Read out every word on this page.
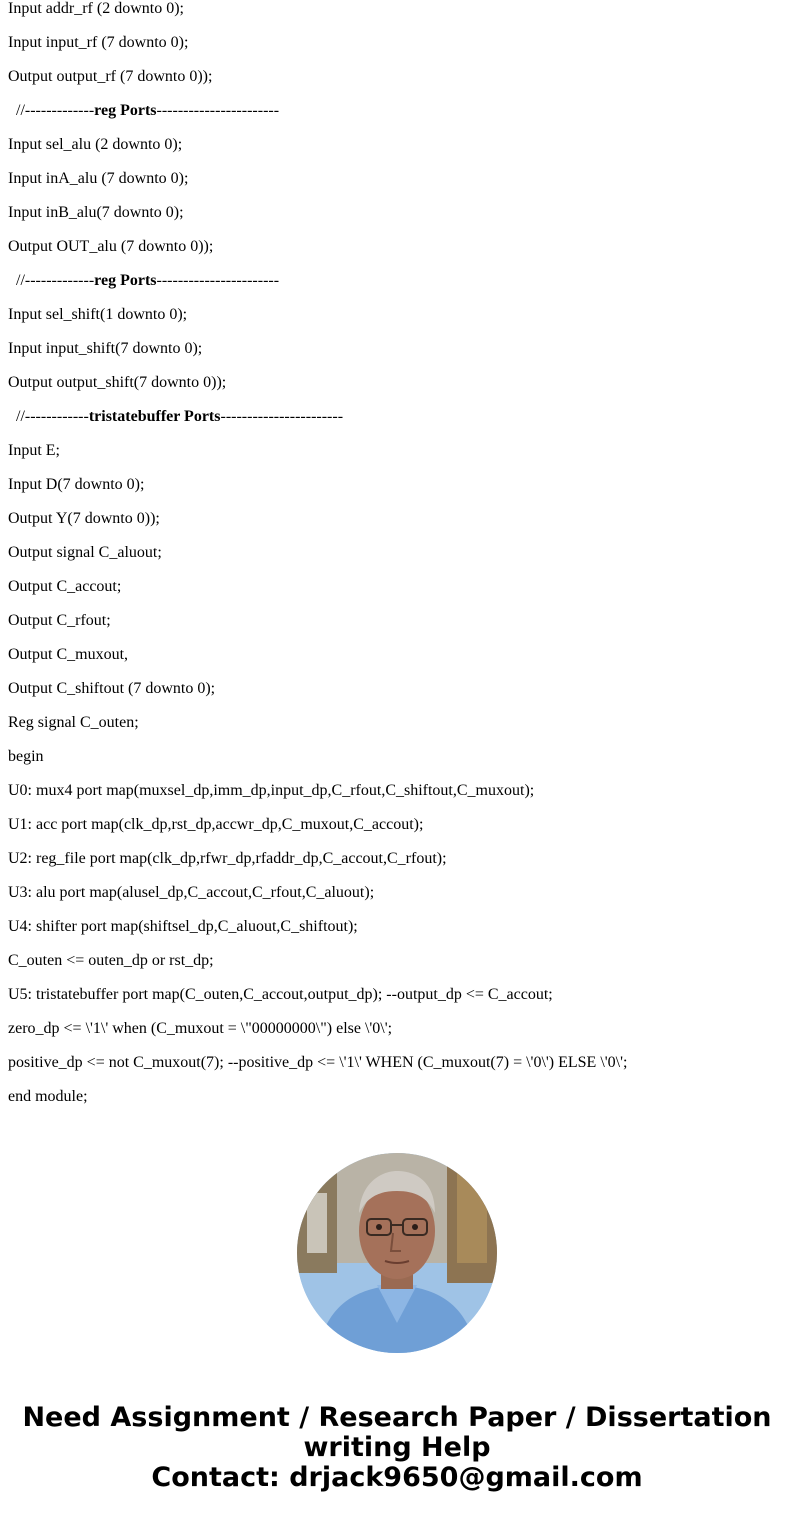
Input addr_rf (2 downto 0);
Input input_rf (7 downto 0);
Output output_rf (7 downto 0));
//-------------reg Ports-----------------------
Input sel_alu (2 downto 0);
Input inA_alu (7 downto 0);
Input inB_alu(7 downto 0);
Output OUT_alu (7 downto 0));
//-------------reg Ports-----------------------
Input sel_shift(1 downto 0);
Input input_shift(7 downto 0);
Output output_shift(7 downto 0));
//------------tristatebuffer Ports-----------------------
Input E;
Input D(7 downto 0);
Output Y(7 downto 0));
Output signal C_aluout;
Output C_accout;
Output C_rfout;
Output C_muxout,
Output C_shiftout (7 downto 0);
Reg signal C_outen;
begin
U0: mux4 port map(muxsel_dp,imm_dp,input_dp,C_rfout,C_shiftout,C_muxout);
U1: acc port map(clk_dp,rst_dp,accwr_dp,C_muxout,C_accout);
U2: reg_file port map(clk_dp,rfwr_dp,rfaddr_dp,C_accout,C_rfout);
U3: alu port map(alusel_dp,C_accout,C_rfout,C_aluout);
U4: shifter port map(shiftsel_dp,C_aluout,C_shiftout);
C_outen <= outen_dp or rst_dp;
U5: tristatebuffer port map(C_outen,C_accout,output_dp); --output_dp <= C_accout;
zero_dp <= \'1\' when (C_muxout = \"00000000\") else \'0\';
positive_dp <= not C_muxout(7); --positive_dp <= \'1\' WHEN (C_muxout(7) = \'0\') ELSE \'0\';
end module;
Need Assignment / Research Paper / Dissertation
writing Help
Contact: drjack9650@gmail.com
